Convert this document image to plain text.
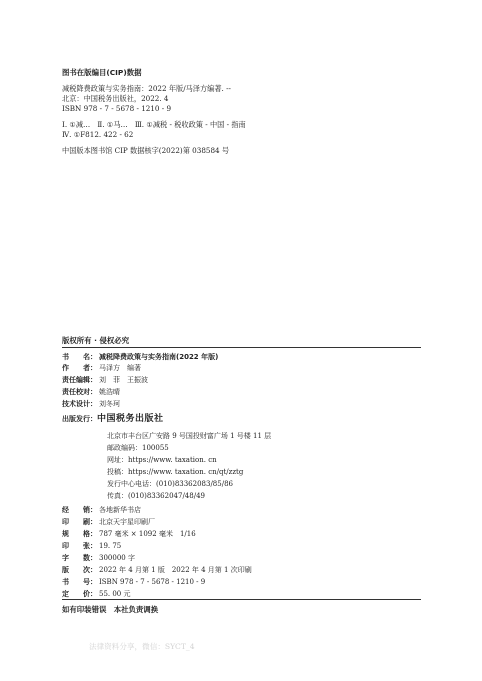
图书在版编目(CIP)数据
减税降费政策与实务指南：2022 年版/马泽方编著. --
北京：中国税务出版社，2022. 4
ISBN 978 - 7 - 5678 - 1210 - 9
Ⅰ. ①减…　Ⅱ. ①马…　Ⅲ. ①减税 - 税收政策 - 中国 - 指南
Ⅳ. ①F812. 422 - 62
中国版本图书馆 CIP 数据核字(2022)第 038584 号
版权所有 · 侵权必究
书　　名： 减税降费政策与实务指南(2022 年版)
作　　者： 马泽方　编著
责任编辑： 刘　菲　王振波
责任校对： 姚浩晴
技术设计： 刘冬珂
出版发行：中国税务出版社
北京市丰台区广安路 9 号国投财富广场 1 号楼 11 层
邮政编码：100055
网址：https://www. taxation. cn
投稿：https://www. taxation. cn/qt/zztg
发行中心电话：(010)83362083/85/86
传真：(010)83362047/48/49
经　　销： 各地新华书店
印　　刷： 北京天宇星印刷厂
规　　格： 787 毫米 × 1092 毫米　1/16
印　　张： 19. 75
字　　数： 300000 字
版　　次： 2022 年 4 月第 1 版　2022 年 4 月第 1 次印刷
书　　号： ISBN 978 - 7 - 5678 - 1210 - 9
定　　价： 55. 00 元
如有印装错误　本社负责调换
法律资料分享，微信：SYCT_4
